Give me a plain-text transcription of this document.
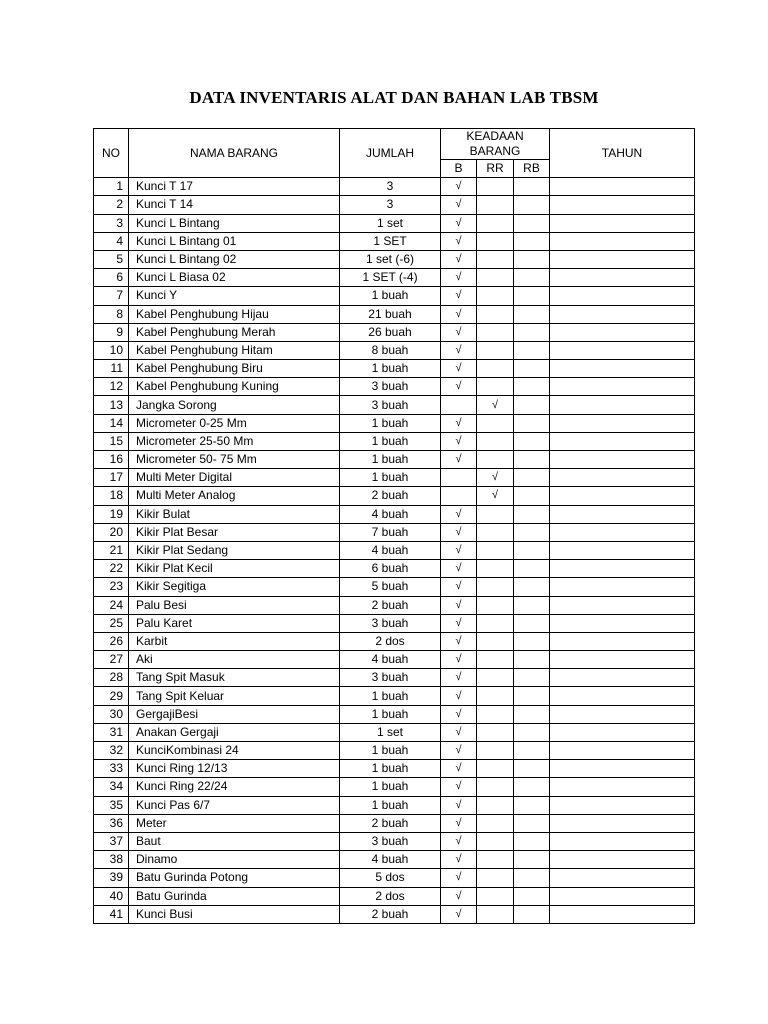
DATA INVENTARIS ALAT DAN BAHAN LAB TBSM
NO	NAMA BARANG	JUMLAH	KEADAAN BARANG			TAHUN
			B	RR	RB	
1	Kunci T 17	3	√			
2	Kunci T 14	3	√			
3	Kunci L Bintang	1 set	√			
4	Kunci L Bintang 01	1 SET	√			
5	Kunci L Bintang 02	1 set (-6)	√			
6	Kunci L Biasa 02	1 SET (-4)	√			
7	Kunci Y	1 buah	√			
8	Kabel Penghubung Hijau	21 buah	√			
9	Kabel Penghubung Merah	26 buah	√			
10	Kabel Penghubung Hitam	8 buah	√			
11	Kabel Penghubung Biru	1 buah	√			
12	Kabel Penghubung Kuning	3 buah	√			
13	Jangka Sorong	3 buah		√		
14	Micrometer 0-25 Mm	1 buah	√			
15	Micrometer 25-50 Mm	1 buah	√			
16	Micrometer 50- 75 Mm	1 buah	√			
17	Multi Meter Digital	1 buah		√		
18	Multi Meter Analog	2 buah		√		
19	Kikir Bulat	4 buah	√			
20	Kikir Plat Besar	7 buah	√			
21	Kikir Plat Sedang	4 buah	√			
22	Kikir Plat Kecil	6 buah	√			
23	Kikir Segitiga	5 buah	√			
24	Palu Besi	2 buah	√			
25	Palu Karet	3 buah	√			
26	Karbit	2 dos	√			
27	Aki	4 buah	√			
28	Tang Spit Masuk	3 buah	√			
29	Tang Spit Keluar	1 buah	√			
30	GergajiBesi	1 buah	√			
31	Anakan Gergaji	1 set	√			
32	KunciKombinasi 24	1 buah	√			
33	Kunci Ring 12/13	1 buah	√			
34	Kunci Ring 22/24	1 buah	√			
35	Kunci Pas 6/7	1 buah	√			
36	Meter	2 buah	√			
37	Baut	3 buah	√			
38	Dinamo	4 buah	√			
39	Batu Gurinda Potong	5 dos	√			
40	Batu Gurinda	2 dos	√			
41	Kunci Busi	2 buah	√			
